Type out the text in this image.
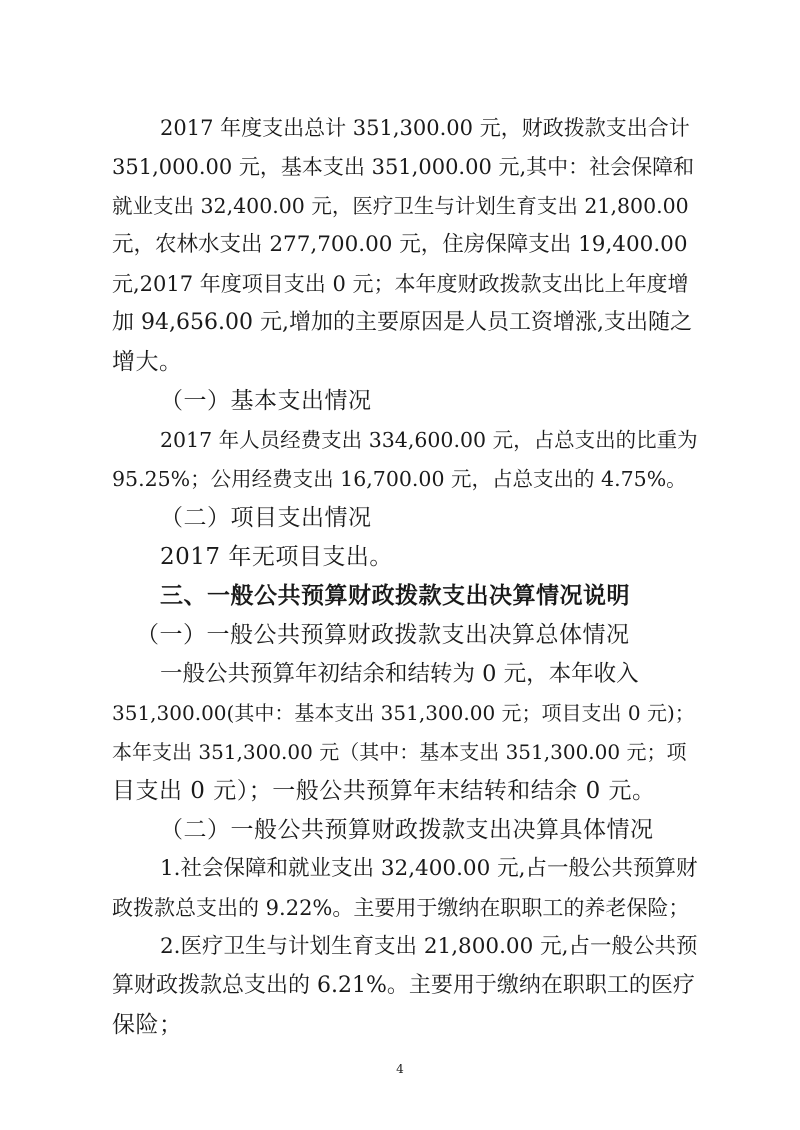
2017 年度支出总计 351,300.00 元，财政拨款支出合计
351,000.00 元，基本支出 351,000.00 元,其中：社会保障和
就业支出 32,400.00 元，医疗卫生与计划生育支出 21,800.00
元，农林水支出 277,700.00 元，住房保障支出 19,400.00
元,2017 年度项目支出 0 元；本年度财政拨款支出比上年度增
加 94,656.00 元,增加的主要原因是人员工资增涨,支出随之
增大。
（一）基本支出情况
2017 年人员经费支出 334,600.00 元，占总支出的比重为
95.25%；公用经费支出 16,700.00 元，占总支出的 4.75%。
（二）项目支出情况
2017 年无项目支出。
三、一般公共预算财政拨款支出决算情况说明
（一）一般公共预算财政拨款支出决算总体情况
一般公共预算年初结余和结转为 0 元，本年收入
351,300.00(其中：基本支出 351,300.00 元；项目支出 0 元)；
本年支出 351,300.00 元（其中：基本支出 351,300.00 元；项
目支出 0 元）；一般公共预算年末结转和结余 0 元。
（二）一般公共预算财政拨款支出决算具体情况
1.社会保障和就业支出 32,400.00 元,占一般公共预算财
政拨款总支出的 9.22%。主要用于缴纳在职职工的养老保险；
2.医疗卫生与计划生育支出 21,800.00 元,占一般公共预
算财政拨款总支出的 6.21%。主要用于缴纳在职职工的医疗
保险；
4
